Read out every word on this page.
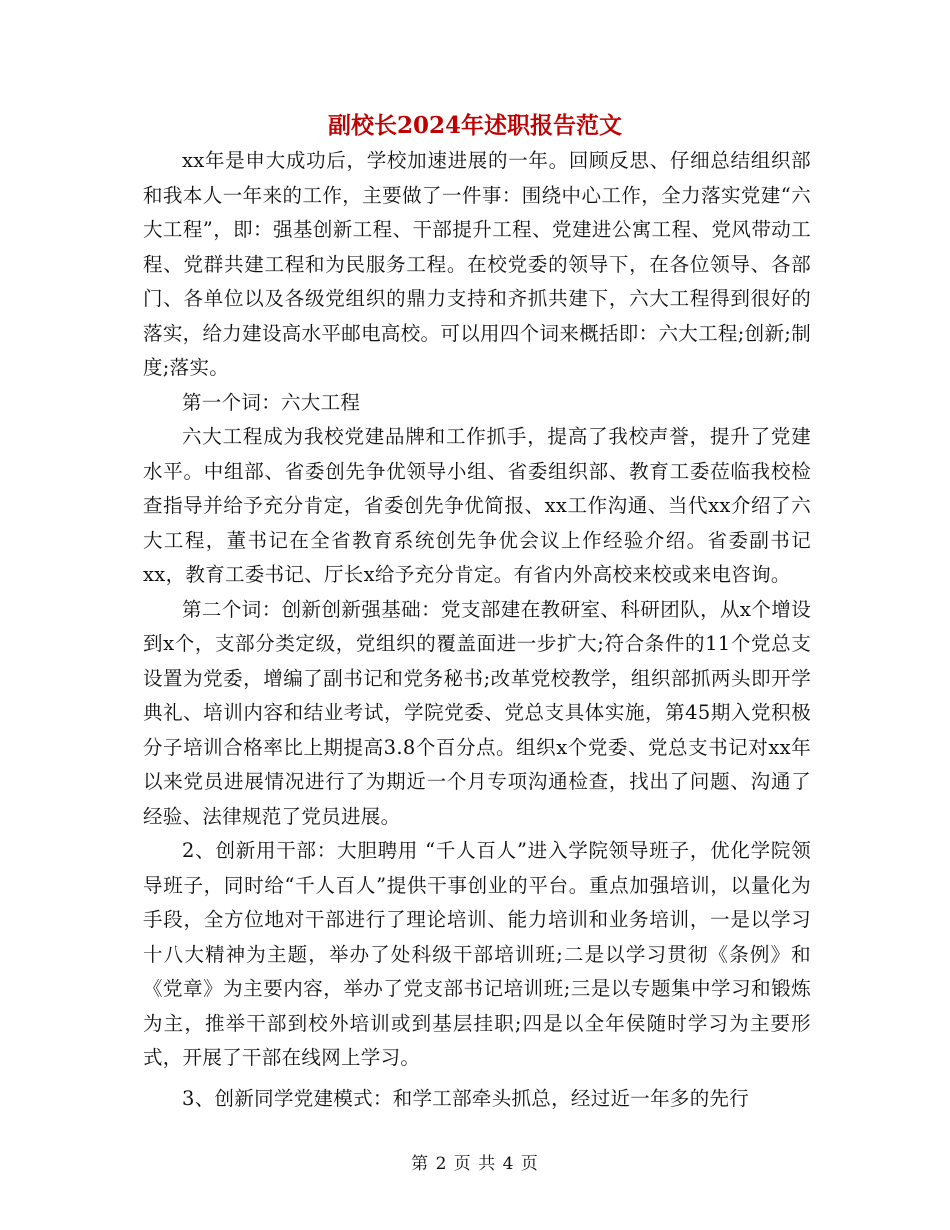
副校长2024年述职报告范文

xx年是申大成功后，学校加速进展的一年。回顾反思、仔细总结组织部和我本人一年来的工作，主要做了一件事：围绕中心工作，全力落实党建“六大工程”，即：强基创新工程、干部提升工程、党建进公寓工程、党风带动工程、党群共建工程和为民服务工程。在校党委的领导下，在各位领导、各部门、各单位以及各级党组织的鼎力支持和齐抓共建下，六大工程得到很好的落实，给力建设高水平邮电高校。可以用四个词来概括即：六大工程;创新;制度;落实。

第一个词：六大工程

六大工程成为我校党建品牌和工作抓手，提高了我校声誉，提升了党建水平。中组部、省委创先争优领导小组、省委组织部、教育工委莅临我校检查指导并给予充分肯定，省委创先争优简报、xx工作沟通、当代xx介绍了六大工程，董书记在全省教育系统创先争优会议上作经验介绍。省委副书记xx，教育工委书记、厅长x给予充分肯定。有省内外高校来校或来电咨询。

第二个词：创新创新强基础：党支部建在教研室、科研团队，从x个增设到x个，支部分类定级，党组织的覆盖面进一步扩大;符合条件的11个党总支设置为党委，增编了副书记和党务秘书;改革党校教学，组织部抓两头即开学典礼、培训内容和结业考试，学院党委、党总支具体实施，第45期入党积极分子培训合格率比上期提高3.8个百分点。组织x个党委、党总支书记对xx年以来党员进展情况进行了为期近一个月专项沟通检查，找出了问题、沟通了经验、法律规范了党员进展。

2、创新用干部：大胆聘用 “千人百人”进入学院领导班子，优化学院领导班子，同时给“千人百人”提供干事创业的平台。重点加强培训，以量化为手段，全方位地对干部进行了理论培训、能力培训和业务培训，一是以学习十八大精神为主题，举办了处科级干部培训班;二是以学习贯彻《条例》和《党章》为主要内容，举办了党支部书记培训班;三是以专题集中学习和锻炼为主，推举干部到校外培训或到基层挂职;四是以全年侯随时学习为主要形式，开展了干部在线网上学习。

3、创新同学党建模式：和学工部牵头抓总，经过近一年多的先行

第 2 页 共 4 页
